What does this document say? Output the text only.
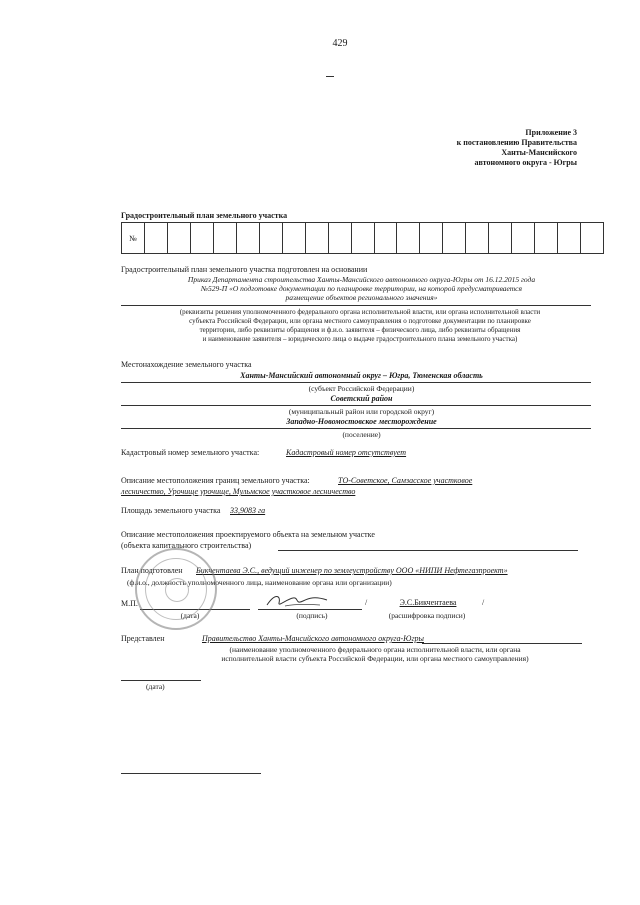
429
Приложение 3
к постановлению Правительства
Ханты-Мансийского
автономного округа - Югры
Градостроительный план земельного участка
№
Градостроительный план земельного участка подготовлен на основании
Приказ Департамента строительства Ханты-Мансийского автономного округа-Югры от 16.12.2015 года
№529-П «О подготовке документации по планировке территории, на которой предусматривается
размещение объектов регионального значения»
(реквизиты решения уполномоченного федерального органа исполнительной власти, или органа исполнительной власти
субъекта Российской Федерации, или органа местного самоуправления о подготовке документации по планировке
территории, либо реквизиты обращения и ф.и.о. заявителя – физического лица, либо реквизиты обращения
и наименование заявителя – юридического лица о выдаче градостроительного плана земельного участка)
Местонахождение земельного участка
Ханты-Мансийский автономный округ – Югра, Тюменская область
(субъект Российской Федерации)
Советский район
(муниципальный район или городской округ)
Западно-Новомостовское месторождение
(поселение)
Кадастровый номер земельного участка:	Кадастровый номер отсутствует
Описание местоположения границ земельного участка:	ТО-Советское, Самзасское участковое
лесничество, Урочище урочище, Мульмское участковое лесничество
Площадь земельного участка 33,9083 га
Описание местоположения проектируемого объекта на земельном участке
(объекта капитального строительства)
План подготовлен Бикчентаева Э.С., ведущий инженер по землеустройству ООО «НИПИ Нефтегазпроект»
(ф.и.о., должность уполномоченного лица, наименование органа или организации)
М.П.
(дата)	(подпись)
/	Э.С.Бикчентаева	/
(расшифровка подписи)
Представлен	Правительство Ханты-Мансийского автономного округа-Югры
(наименование уполномоченного федерального органа исполнительной власти, или органа
исполнительной власти субъекта Российской Федерации, или органа местного самоуправления)
(дата)
